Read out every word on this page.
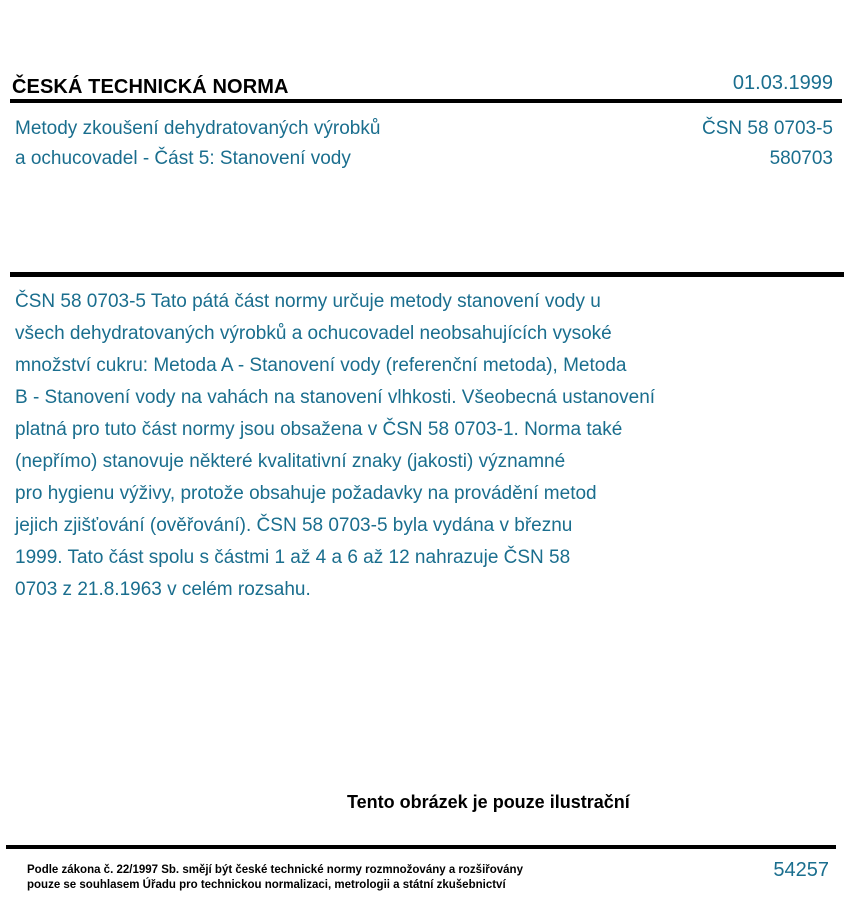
ČESKÁ TECHNICKÁ NORMA	01.03.1999
Metody zkoušení dehydratovaných výrobků
a ochucovadel - Část 5: Stanovení vody
ČSN 58 0703-5
580703
ČSN 58 0703-5 Tato pátá část normy určuje metody stanovení vody u
všech dehydratovaných výrobků a ochucovadel neobsahujících vysoké
množství cukru: Metoda A - Stanovení vody (referenční metoda), Metoda
B - Stanovení vody na vahách na stanovení vlhkosti. Všeobecná ustanovení
platná pro tuto část normy jsou obsažena v ČSN 58 0703-1. Norma také
(nepřímo) stanovuje některé kvalitativní znaky (jakosti) významné
pro hygienu výživy, protože obsahuje požadavky na provádění metod
jejich zjišťování (ověřování). ČSN 58 0703-5 byla vydána v březnu
1999. Tato část spolu s částmi 1 až 4 a 6 až 12 nahrazuje ČSN 58
0703 z 21.8.1963 v celém rozsahu.
Tento obrázek je pouze ilustrační
Podle zákona č. 22/1997 Sb. smějí být české technické normy rozmnožovány a rozšiřovány
pouze se souhlasem Úřadu pro technickou normalizaci, metrologii a státní zkušebnictví
54257
